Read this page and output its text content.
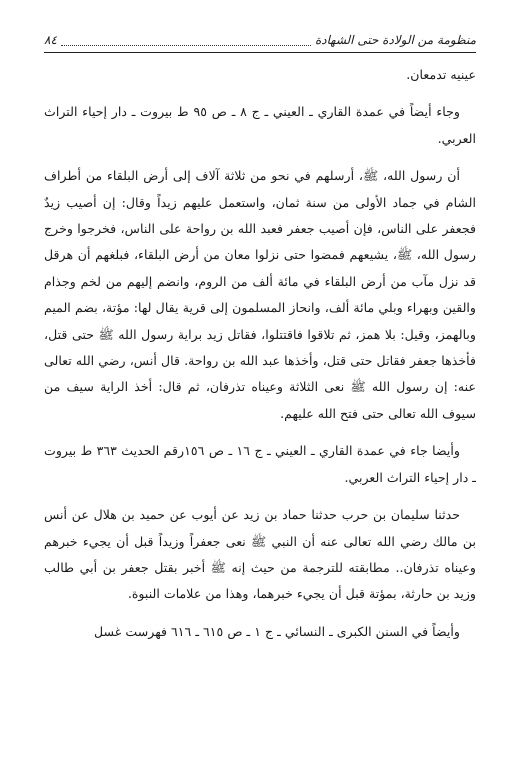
منظومة من الولادة حتى الشهادة
٨٤

عينيه تدمعان.

وجاء أيضاً في عمدة القاري ـ العيني ـ ج ٨ ـ ص ٩٥ ط بيروت ـ دار إحياء التراث العربي.

أن رسول الله، ﷺ، أرسلهم في نحو من ثلاثة آلاف إلى أرض البلقاء من أطراف الشام في جماد الأولى من سنة ثمان، واستعمل عليهم زيداً وقال: إن أصيب زيدٌ فجعفر على الناس، فإن أصيب جعفر فعبد الله بن رواحة على الناس، فخرجوا وخرج رسول الله، ﷺ، يشيعهم فمضوا حتى نزلوا معان من أرض البلقاء، فبلغهم أن هرقل قد نزل مآب من أرض البلقاء في مائة ألف من الروم، وانضم إليهم من لخم وجذام والقين وبهراء وبلي مائة ألف، وانحاز المسلمون إلى قرية يقال لها: مؤتة، بضم الميم وبالهمز، وقيل: بلا همز، ثم تلاقوا فاقتتلوا، فقاتل زيد براية رسول الله ﷺ حتى قتل، فأخذها جعفر فقاتل حتى قتل، وأخذها عبد الله بن رواحة. قال أنس، رضي الله تعالى عنه: إن رسول الله ﷺ نعى الثلاثة وعيناه تذرفان، ثم قال: أخذ الراية سيف من سيوف الله تعالى حتى فتح الله عليهم.

وأيضا جاء في عمدة القاري ـ العيني ـ ج ١٦ ـ ص ١٥٦رقم الحديث ٣٦٣ ط بيروت ـ دار إحياء التراث العربي.

حدثنا سليمان بن حرب حدثنا حماد بن زيد عن أيوب عن حميد بن هلال عن أنس بن مالك رضي الله تعالى عنه أن النبي ﷺ نعى جعفراً وزيداً قبل أن يجيء خبرهم وعيناه تذرفان.. مطابقته للترجمة من حيث إنه ﷺ أخبر بقتل جعفر بن أبي طالب وزيد بن حارثة، بمؤتة قبل أن يجيء خبرهما، وهذا من علامات النبوة.

وأيضاً في السنن الكبرى ـ النسائي ـ ج ١ ـ ص ٦١٥ ـ ٦١٦ فهرست غسل
